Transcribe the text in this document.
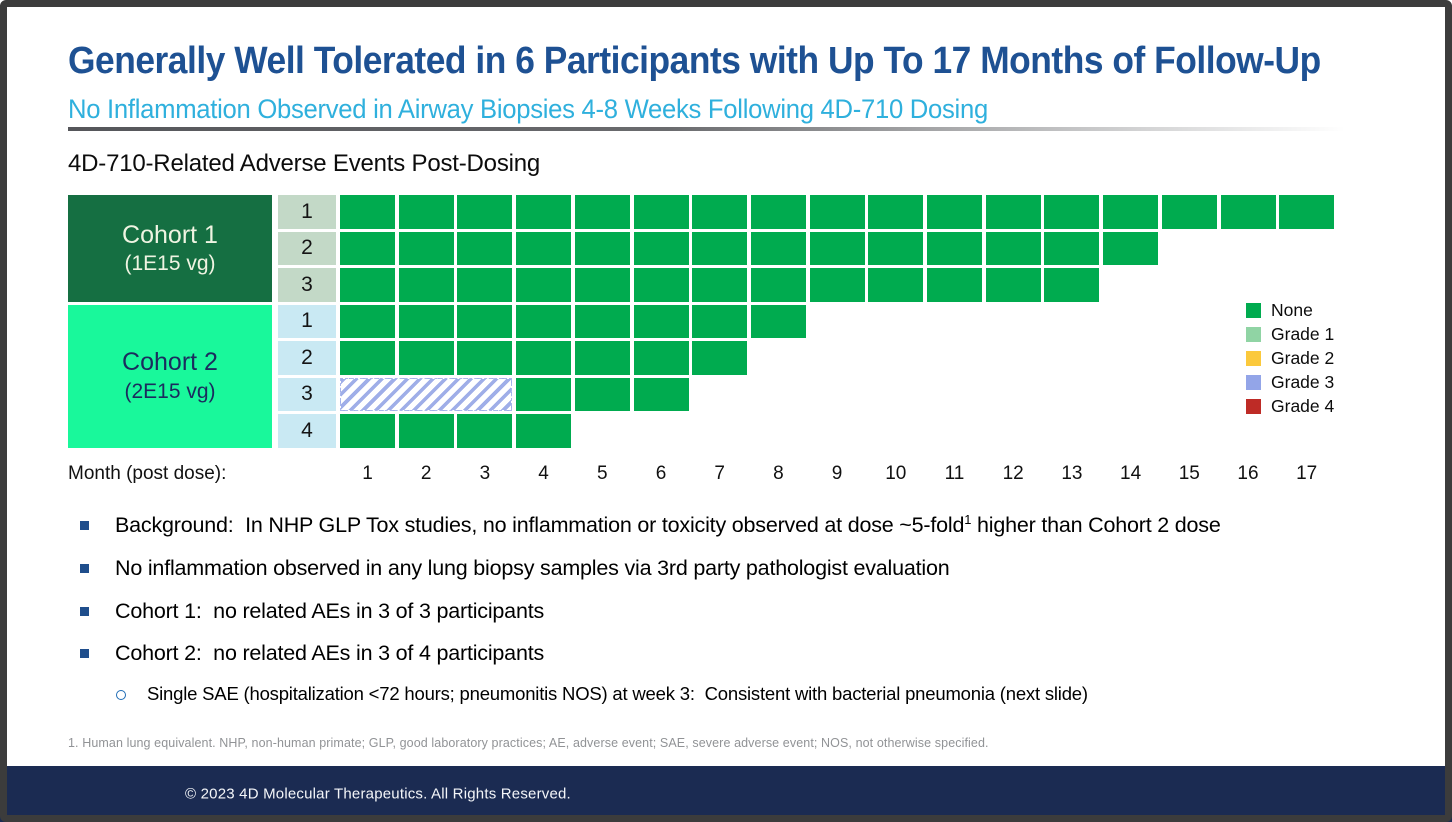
Generally Well Tolerated in 6 Participants with Up To 17 Months of Follow-Up
No Inflammation Observed in Airway Biopsies 4-8 Weeks Following 4D-710 Dosing
4D-710-Related Adverse Events Post-Dosing
Cohort 1
(1E15 vg)
1
2
3
Cohort 2
(2E15 vg)
1
2
3
4
Month (post dose):	1	2	3	4	5	6	7	8	9	10	11	12	13	14	15	16	17
None
Grade 1
Grade 2
Grade 3
Grade 4
Background:  In NHP GLP Tox studies, no inflammation or toxicity observed at dose ~5-fold$^1$ higher than Cohort 2 dose
No inflammation observed in any lung biopsy samples via 3rd party pathologist evaluation
Cohort 1:  no related AEs in 3 of 3 participants
Cohort 2:  no related AEs in 3 of 4 participants
Single SAE (hospitalization <72 hours; pneumonitis NOS) at week 3:  Consistent with bacterial pneumonia (next slide)
1. Human lung equivalent. NHP, non-human primate; GLP, good laboratory practices; AE, adverse event; SAE, severe adverse event; NOS, not otherwise specified.
© 2023 4D Molecular Therapeutics. All Rights Reserved.
